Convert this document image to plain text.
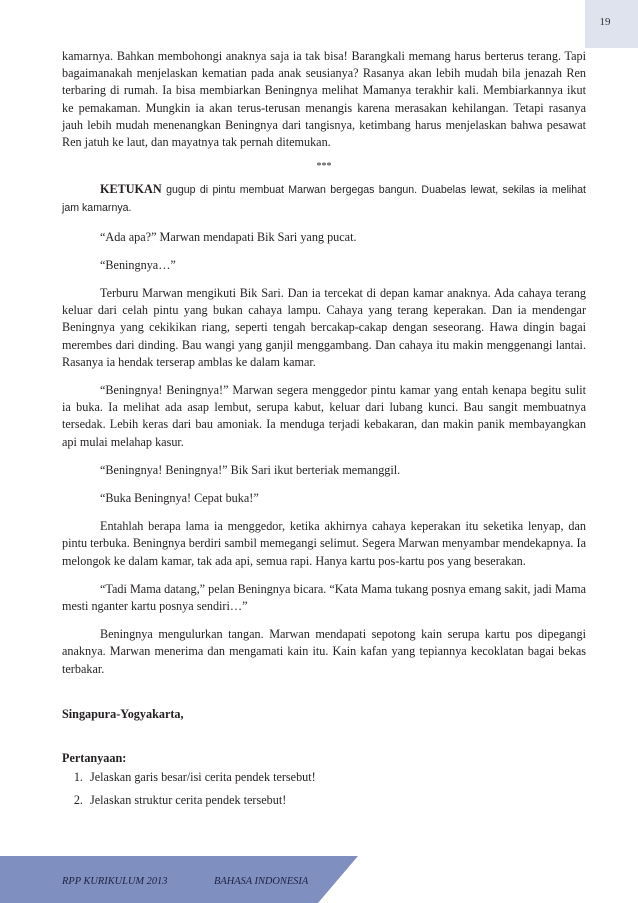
19

kamarnya. Bahkan membohongi anaknya saja ia tak bisa! Barangkali memang harus berterus terang. Tapi bagaimanakah menjelaskan kematian pada anak seusianya? Rasanya akan lebih mudah bila jenazah Ren terbaring di rumah. Ia bisa membiarkan Beningnya melihat Mamanya terakhir kali. Membiarkannya ikut ke pemakaman. Mungkin ia akan terus-terusan menangis karena merasakan kehilangan. Tetapi rasanya jauh lebih mudah menenangkan Beningnya dari tangisnya, ketimbang harus menjelaskan bahwa pesawat Ren jatuh ke laut, dan mayatnya tak pernah ditemukan.

***

KETUKAN gugup di pintu membuat Marwan bergegas bangun. Duabelas lewat, sekilas ia melihat jam kamarnya.

“Ada apa?” Marwan mendapati Bik Sari yang pucat.

“Beningnya…”

Terburu Marwan mengikuti Bik Sari. Dan ia tercekat di depan kamar anaknya. Ada cahaya terang keluar dari celah pintu yang bukan cahaya lampu. Cahaya yang terang keperakan. Dan ia mendengar Beningnya yang cekikikan riang, seperti tengah bercakap-cakap dengan seseorang. Hawa dingin bagai merembes dari dinding. Bau wangi yang ganjil menggambang. Dan cahaya itu makin menggenangi lantai. Rasanya ia hendak terserap amblas ke dalam kamar.

“Beningnya! Beningnya!” Marwan segera menggedor pintu kamar yang entah kenapa begitu sulit ia buka. Ia melihat ada asap lembut, serupa kabut, keluar dari lubang kunci. Bau sangit membuatnya tersedak. Lebih keras dari bau amoniak. Ia menduga terjadi kebakaran, dan makin panik membayangkan api mulai melahap kasur.

“Beningnya! Beningnya!” Bik Sari ikut berteriak memanggil.

“Buka Beningnya! Cepat buka!”

Entahlah berapa lama ia menggedor, ketika akhirnya cahaya keperakan itu seketika lenyap, dan pintu terbuka. Beningnya berdiri sambil memegangi selimut. Segera Marwan menyambar mendekapnya. Ia melongok ke dalam kamar, tak ada api, semua rapi. Hanya kartu pos-kartu pos yang beserakan.

“Tadi Mama datang,” pelan Beningnya bicara. “Kata Mama tukang posnya emang sakit, jadi Mama mesti nganter kartu posnya sendiri…”

Beningnya mengulurkan tangan. Marwan mendapati sepotong kain serupa kartu pos dipegangi anaknya. Marwan menerima dan mengamati kain itu. Kain kafan yang tepiannya kecoklatan bagai bekas terbakar.

Singapura-Yogyakarta,

Pertanyaan:

1. Jelaskan garis besar/isi cerita pendek tersebut!
2. Jelaskan struktur cerita pendek tersebut!
RPP KURIKULUM 2013	BAHASA INDONESIA
